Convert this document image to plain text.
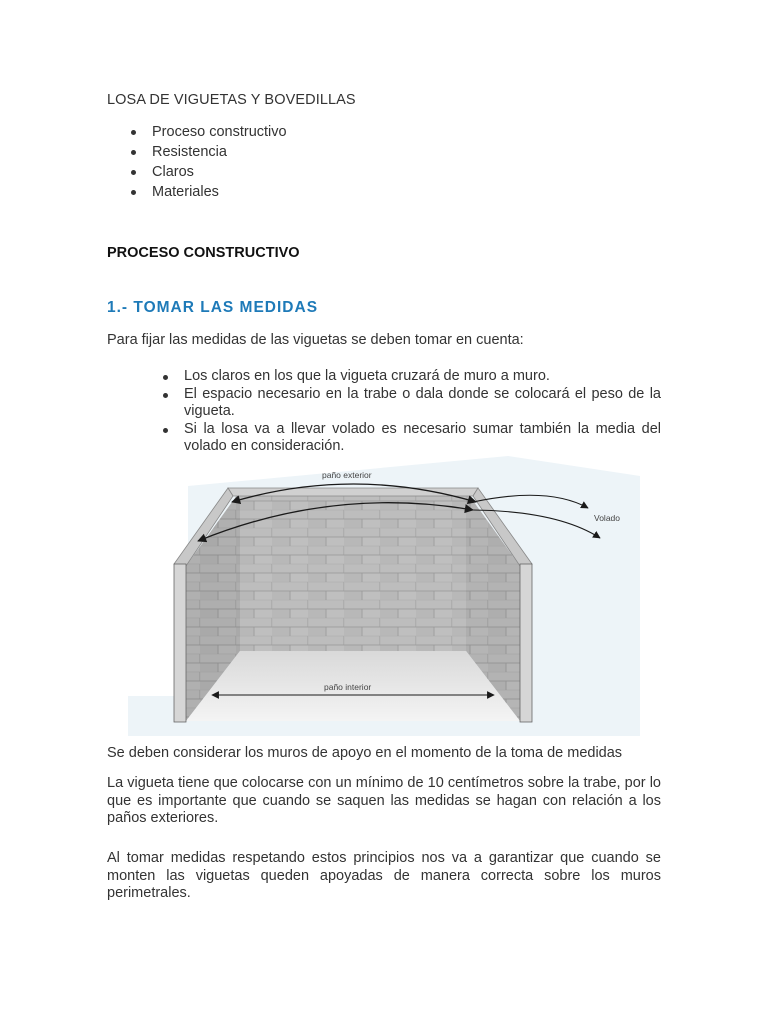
LOSA DE VIGUETAS Y BOVEDILLAS
Proceso constructivo
Resistencia
Claros
Materiales
PROCESO CONSTRUCTIVO
1.- TOMAR LAS MEDIDAS

Para fijar las medidas de las viguetas se deben tomar en cuenta:

Los claros en los que la vigueta cruzará de muro a muro.
El espacio necesario en la trabe o dala donde se colocará el peso de la vigueta.
Si la losa va a llevar volado es necesario sumar también la media del volado en consideración.
paño exterior
Volado
paño interior

Se deben considerar los muros de apoyo en el momento de la toma de medidas

La vigueta tiene que colocarse con un mínimo de 10 centímetros sobre la trabe, por lo que es importante que cuando se saquen las medidas se hagan con relación a los paños exteriores.

Al tomar medidas respetando estos principios nos va a garantizar que cuando se monten las viguetas queden apoyadas de manera correcta sobre los muros perimetrales.
